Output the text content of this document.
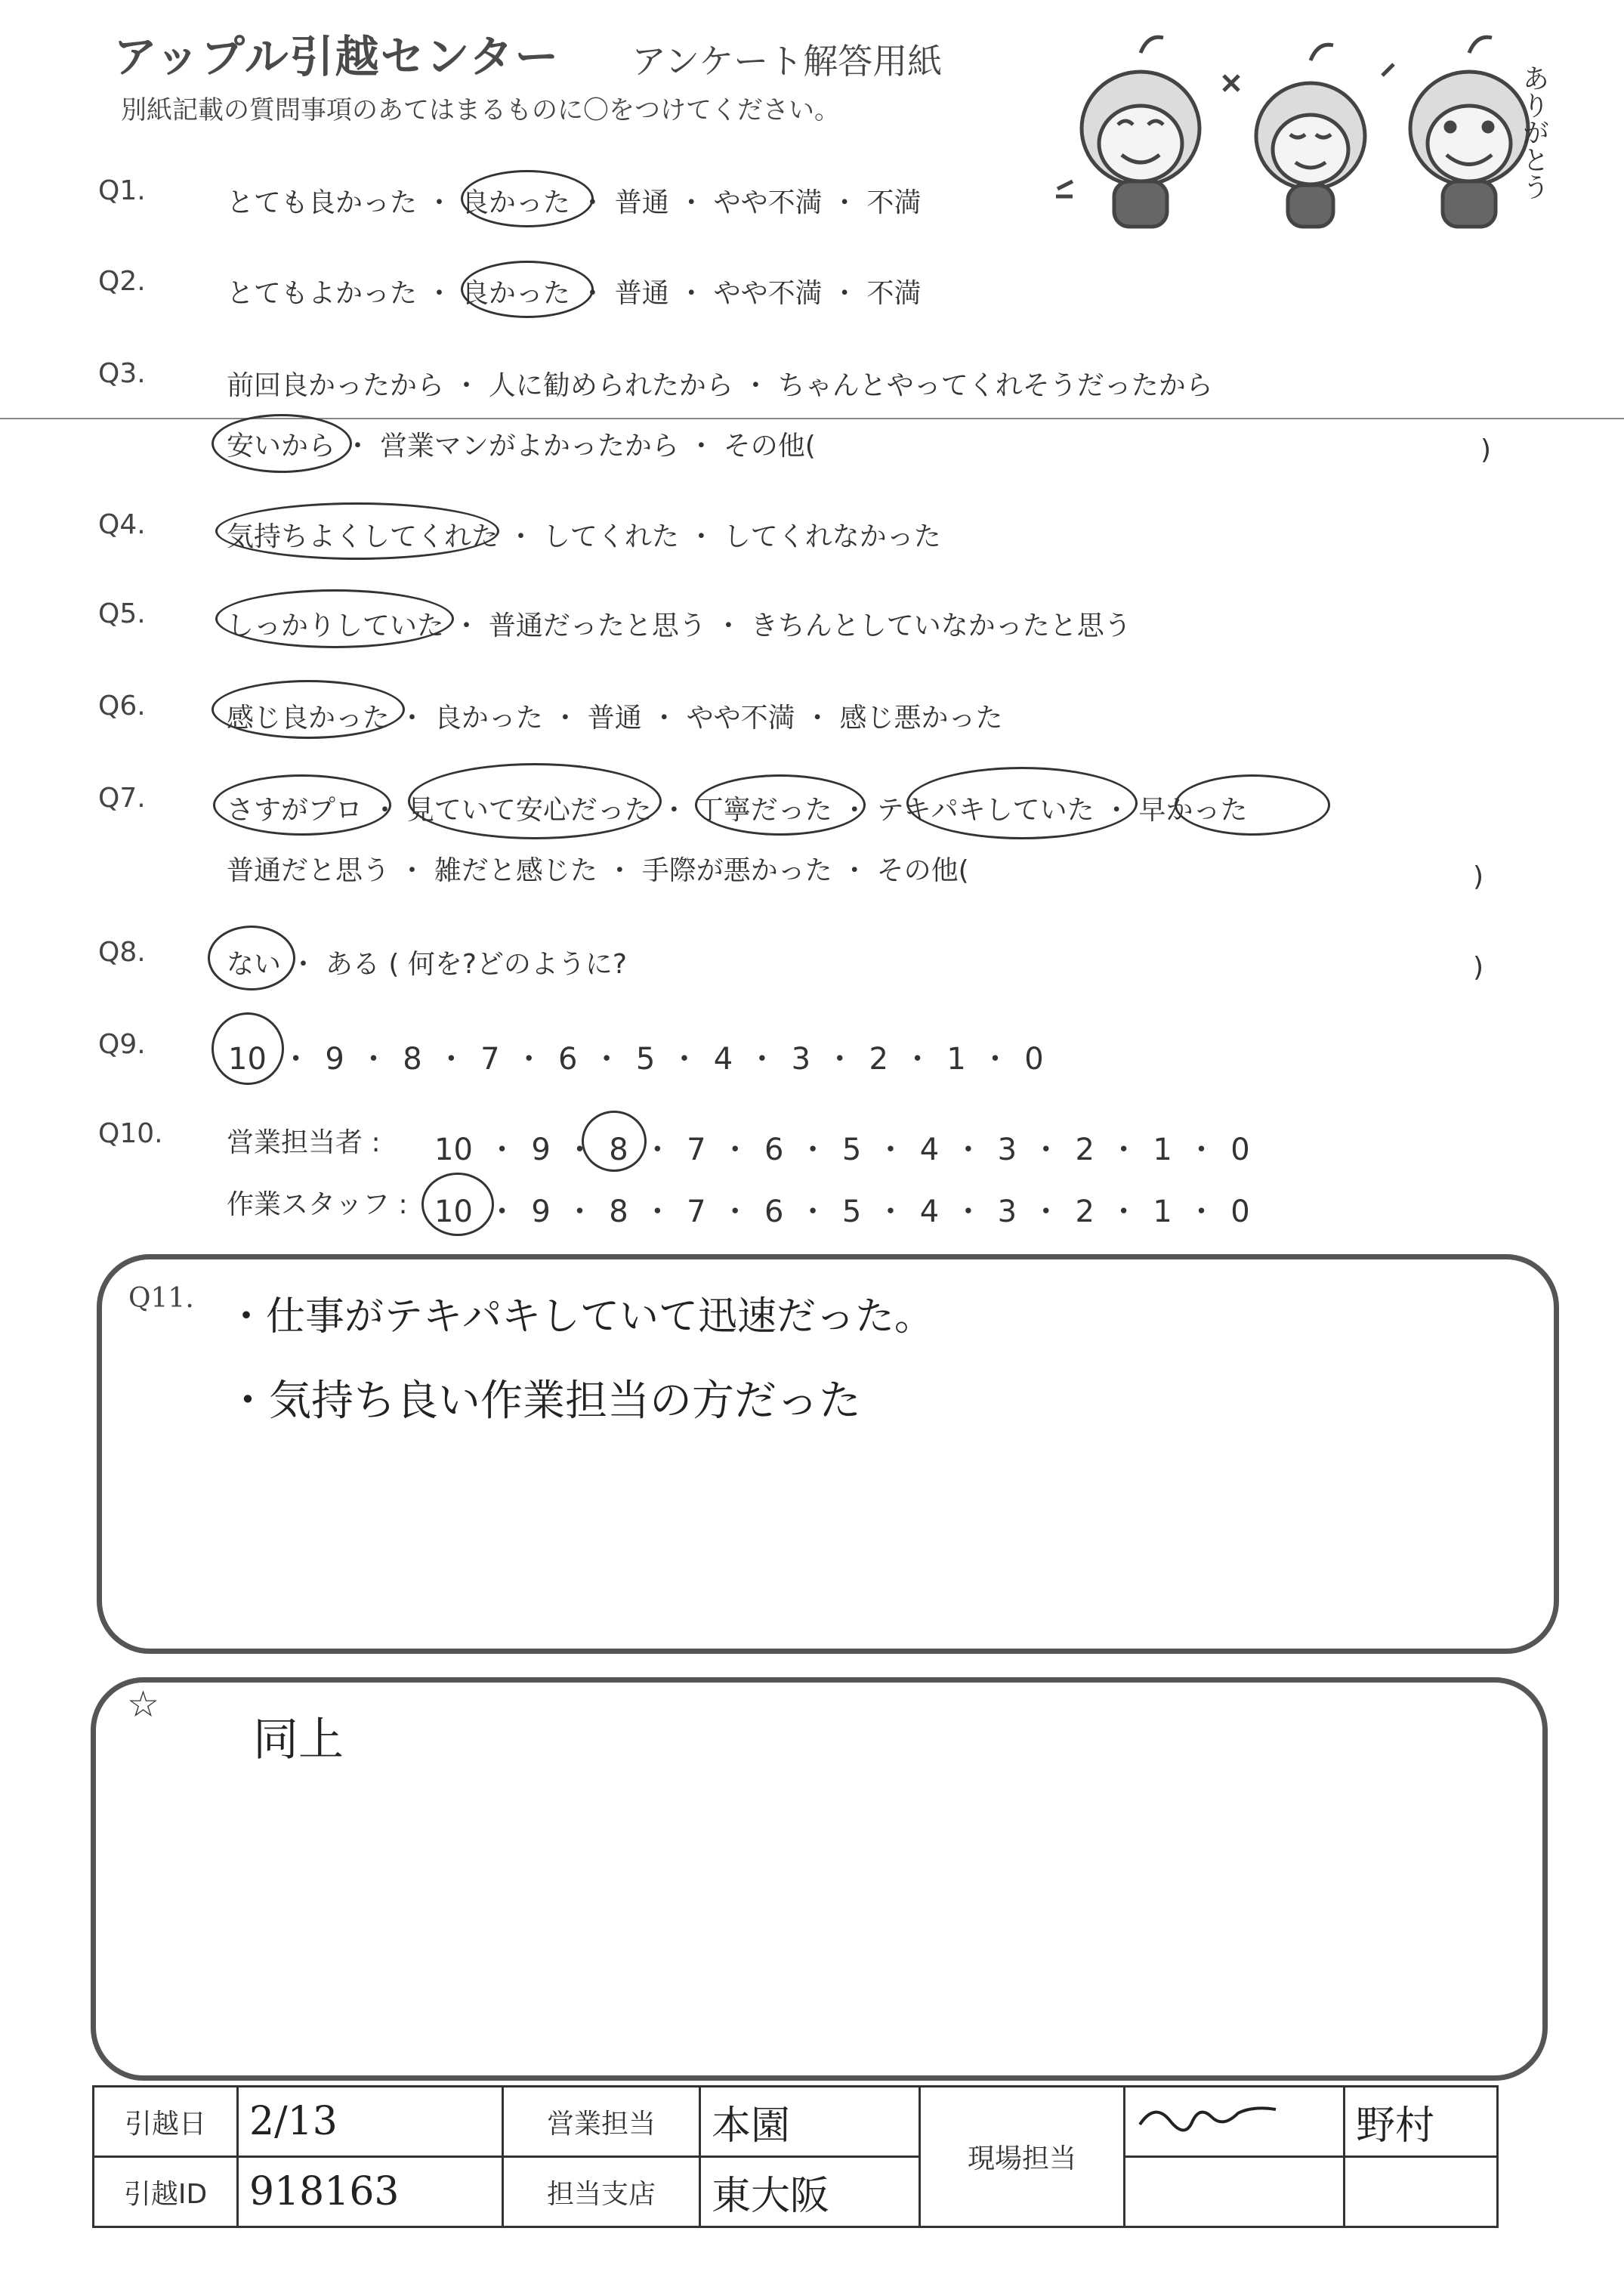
アップル引越センター アンケート解答用紙
別紙記載の質問事項のあてはまるものに〇をつけてください。	ありがとう
Q1.	とても良かった ・ 良かった ・ 普通 ・ やや不満 ・ 不満
Q2.	とてもよかった ・ 良かった ・ 普通 ・ やや不満 ・ 不満
Q3.	前回良かったから ・ 人に勧められたから ・ ちゃんとやってくれそうだったから
安いから ・ 営業マンがよかったから ・ その他(	)
Q4.	気持ちよくしてくれた ・ してくれた ・ してくれなかった
Q5.	しっかりしていた ・ 普通だったと思う ・ きちんとしていなかったと思う
Q6.	感じ良かった ・ 良かった ・ 普通 ・ やや不満 ・ 感じ悪かった
Q7.	さすがプロ ・ 見ていて安心だった ・ 丁寧だった ・ テキパキしていた ・ 早かった
普通だと思う ・ 雑だと感じた ・ 手際が悪かった ・ その他(	)
Q8.	ない ・ ある ( 何を?どのように?	)
Q9.	10 ・ 9 ・ 8 ・ 7 ・ 6 ・ 5 ・ 4 ・ 3 ・ 2 ・ 1 ・ 0
Q10. 営業担当者 : 10 ・ 9 ・ 8 ・ 7 ・ 6 ・ 5 ・ 4 ・ 3 ・ 2 ・ 1 ・ 0
作業スタッフ : 10 ・ 9 ・ 8 ・ 7 ・ 6 ・ 5 ・ 4 ・ 3 ・ 2 ・ 1 ・ 0
Q11. ・仕事がテキパキしていて迅速だった。
・気持ち良い作業担当の方だった
☆
同上
引越日	2/13	営業担当	本園	現場担当		野村
引越ID	918163	担当支店	東大阪			
